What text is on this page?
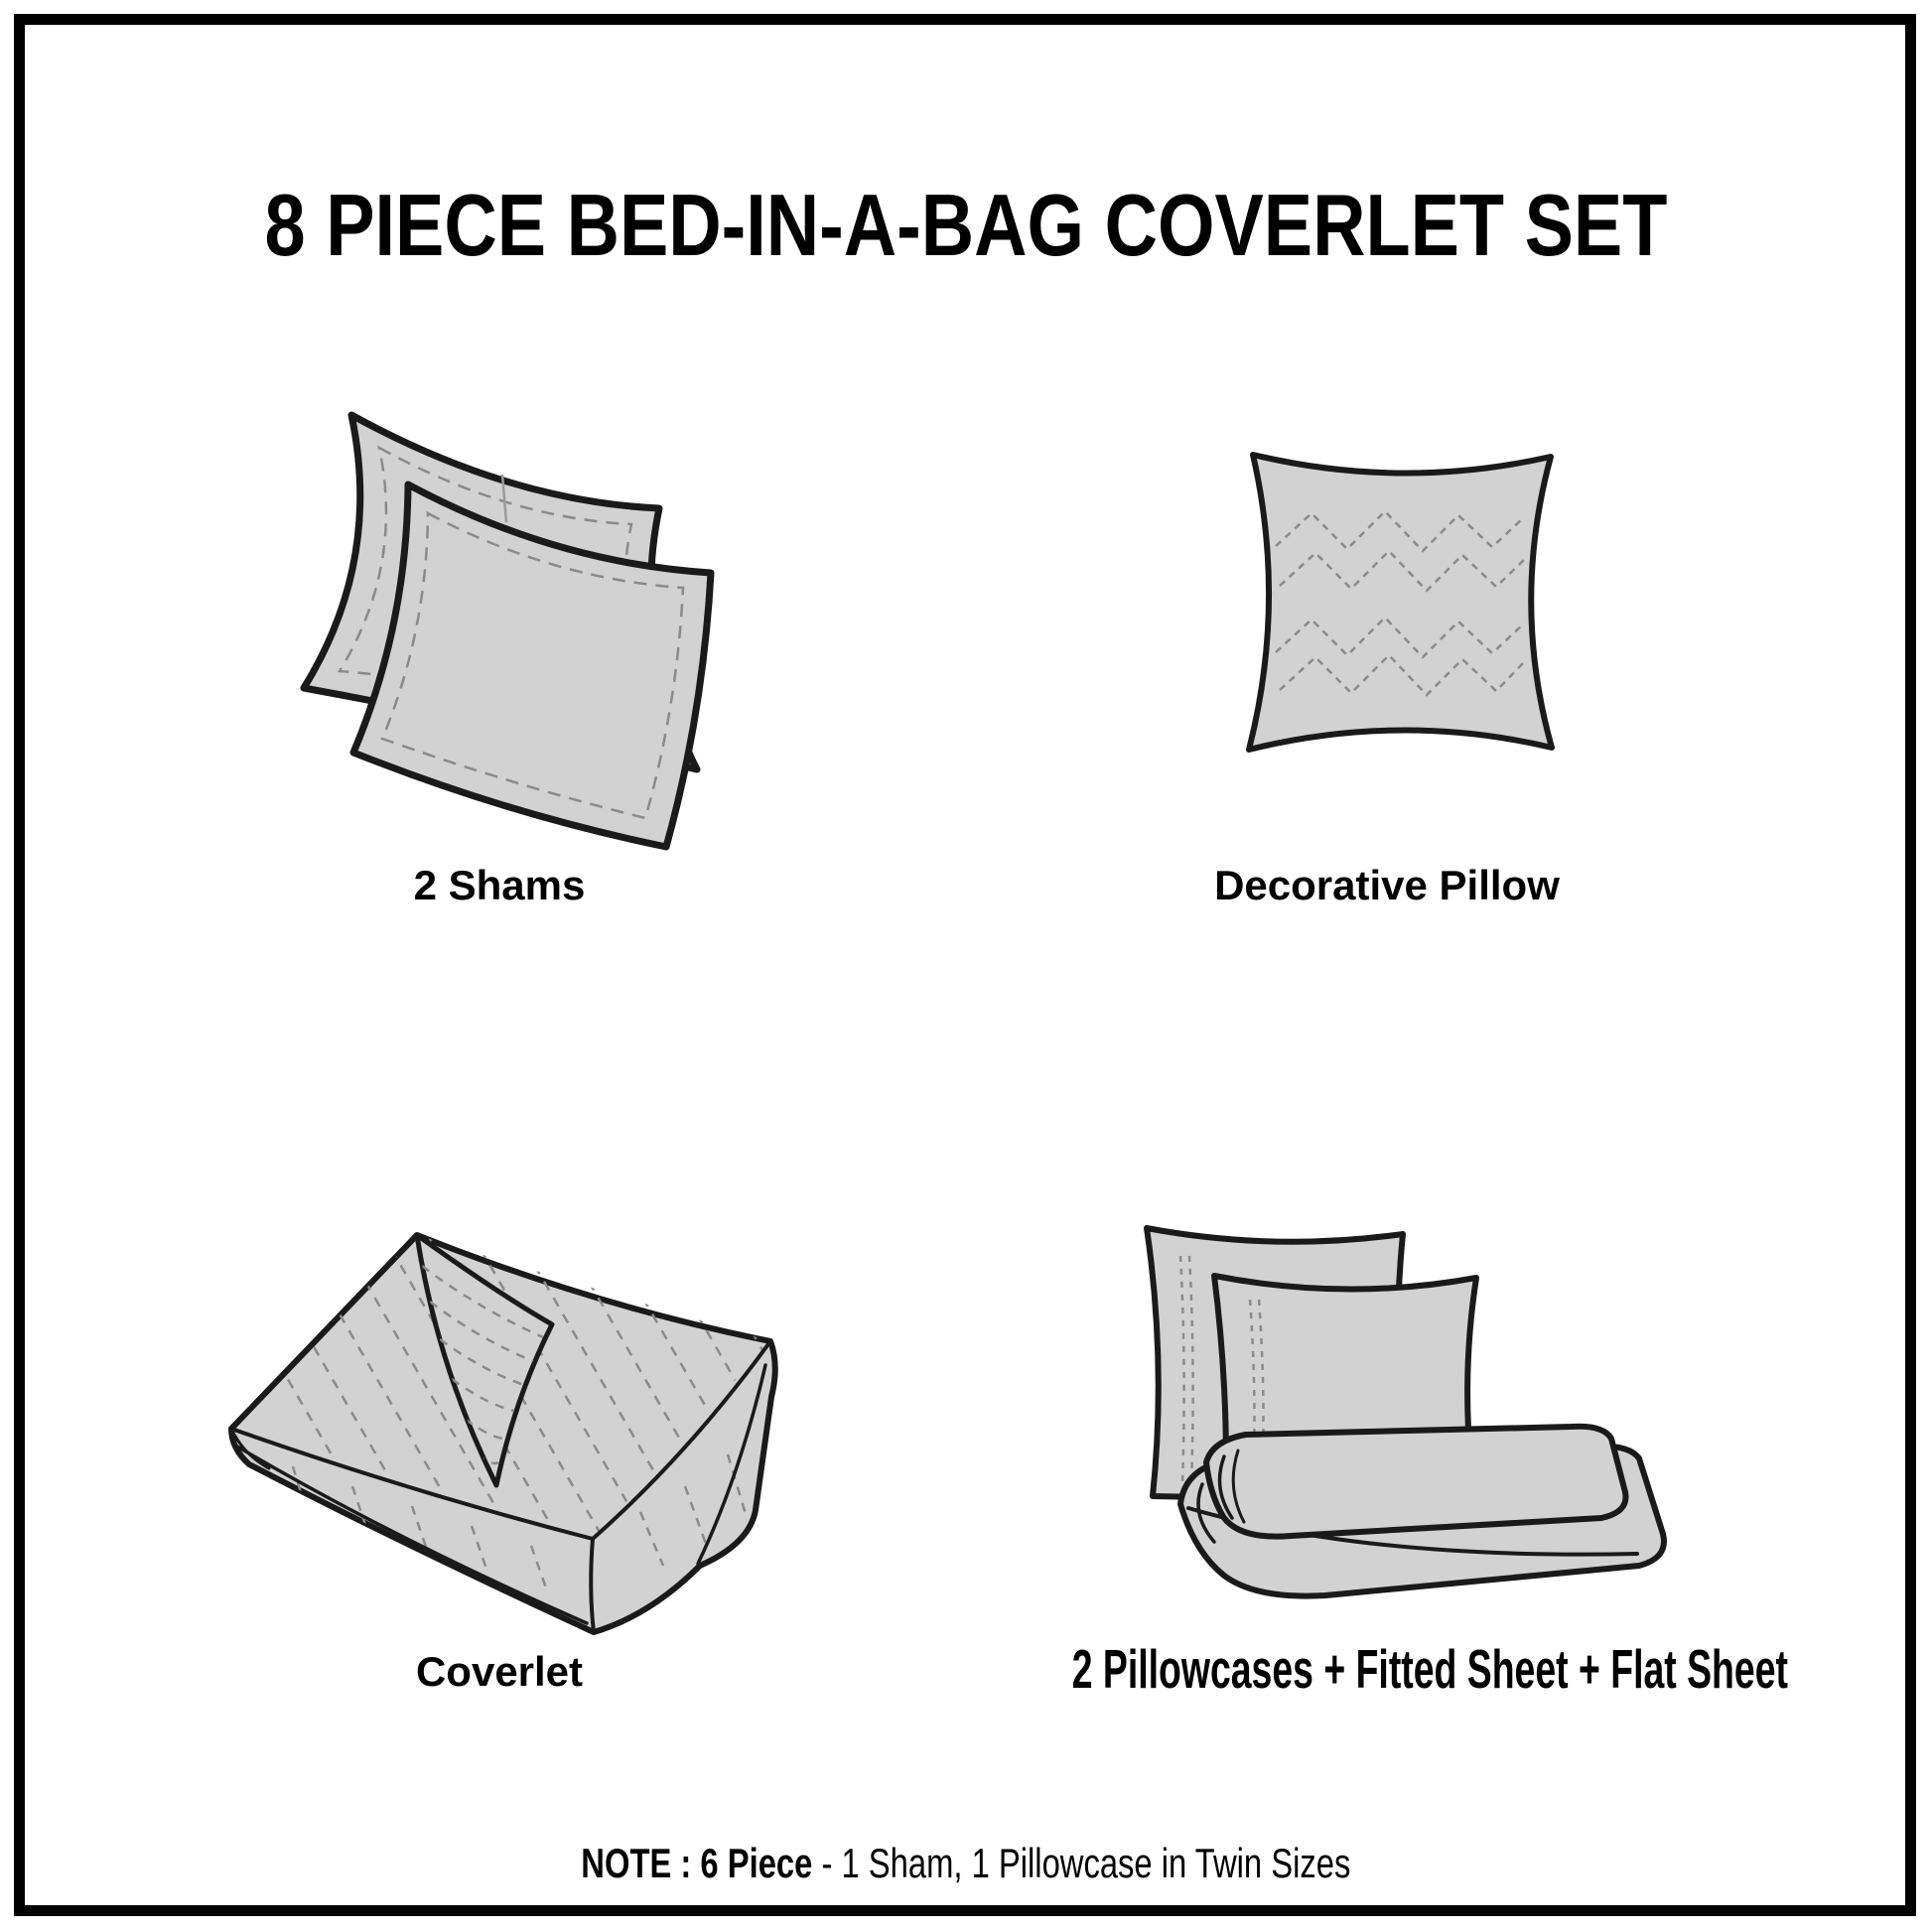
8 PIECE BED-IN-A-BAG COVERLET SET
2 Shams	Decorative Pillow
Coverlet	2 Pillowcases + Fitted Sheet + Flat Sheet
NOTE : 6 Piece - 1 Sham, 1 Pillowcase in Twin Sizes
